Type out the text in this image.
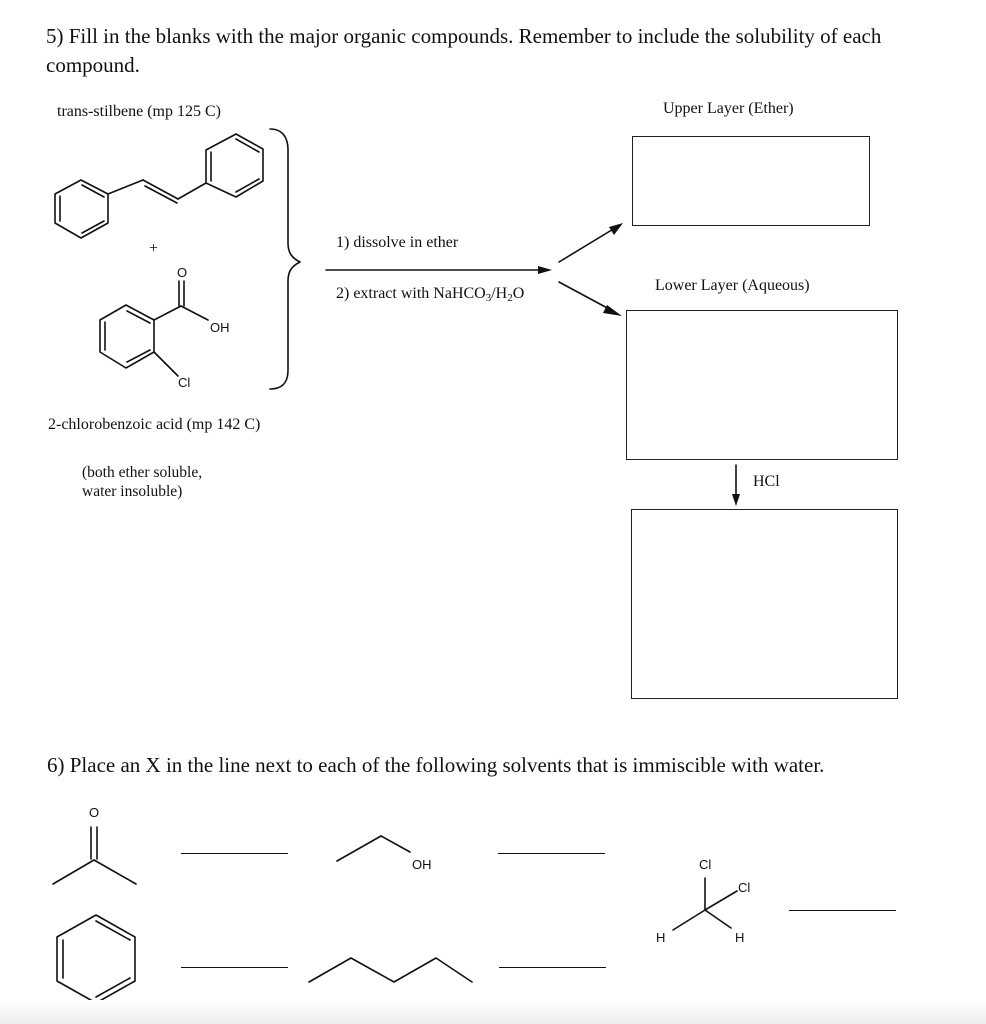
5) Fill in the blanks with the major organic compounds. Remember to include the solubility of each compound.
trans-stilbene (mp 125 C)	Upper Layer (Ether)
+	1) dissolve in ether
2) extract with $NaHCO_3/H_2O$	Lower Layer (Aqueous)
2-chlorobenzoic acid (mp 142 C)
(both ether soluble,
water insoluble)
HCl
O
OH
Cl
6) Place an X in the line next to each of the following solvents that is immiscible with water.
O
OH	Cl
Cl
H	H
